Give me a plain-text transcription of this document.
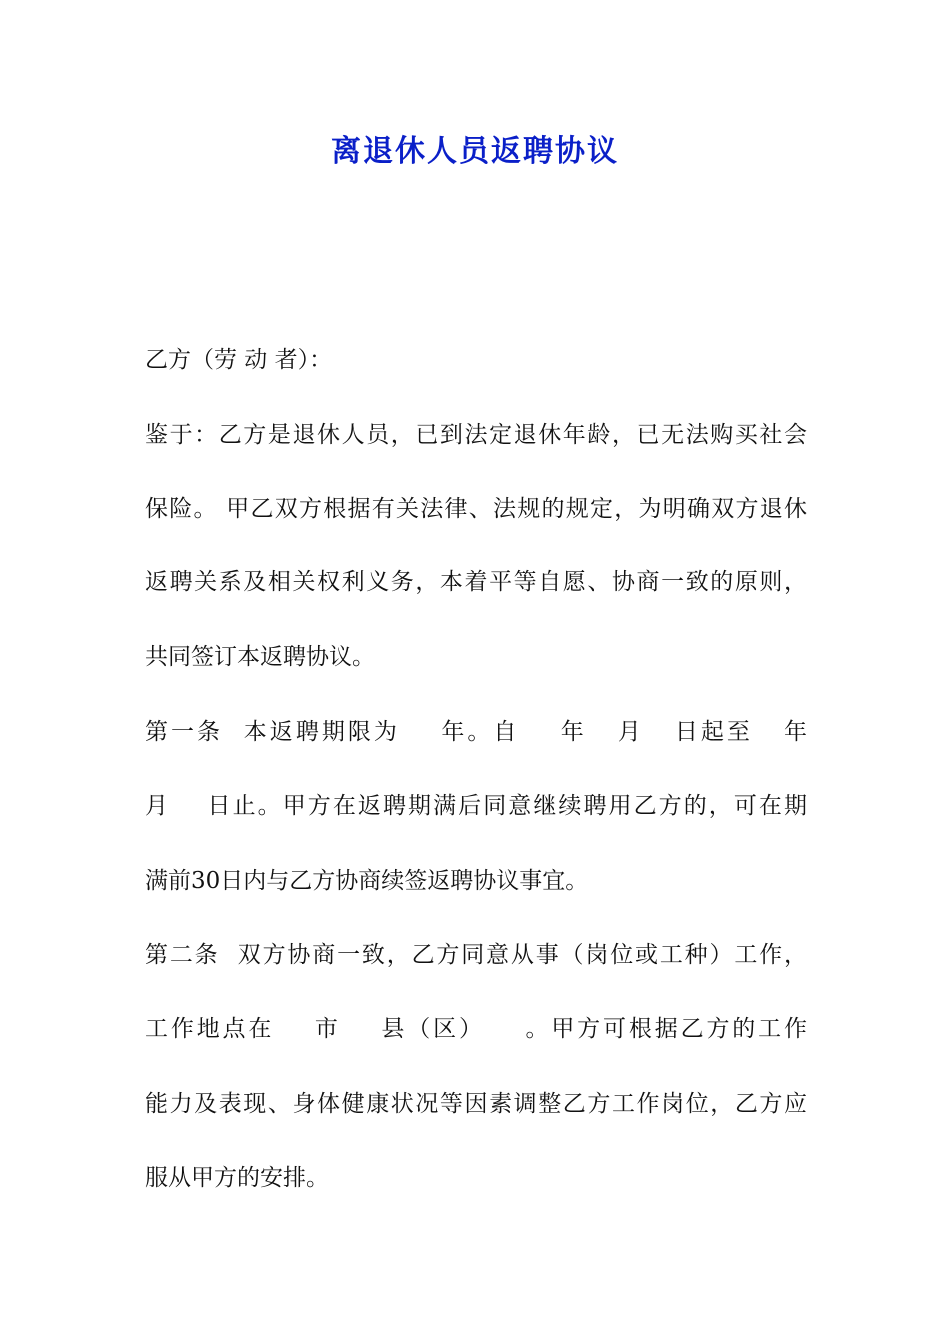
离退休人员返聘协议
乙方（劳 动 者）：
鉴于：乙方是退休人员，已到法定退休年龄，已无法购买社会
保险。 甲乙双方根据有关法律、法规的规定，为明确双方退休
返聘关系及相关权利义务，本着平等自愿、协商一致的原则，
共同签订本返聘协议。
第一条  本返聘期限为    年。自    年   月   日起至   年
月    日止。甲方在返聘期满后同意继续聘用乙方的，可在期
满前30日内与乙方协商续签返聘协议事宜。
第二条  双方协商一致，乙方同意从事（岗位或工种）工作，
工作地点在    市    县（区）    。甲方可根据乙方的工作
能力及表现、身体健康状况等因素调整乙方工作岗位，乙方应
服从甲方的安排。
